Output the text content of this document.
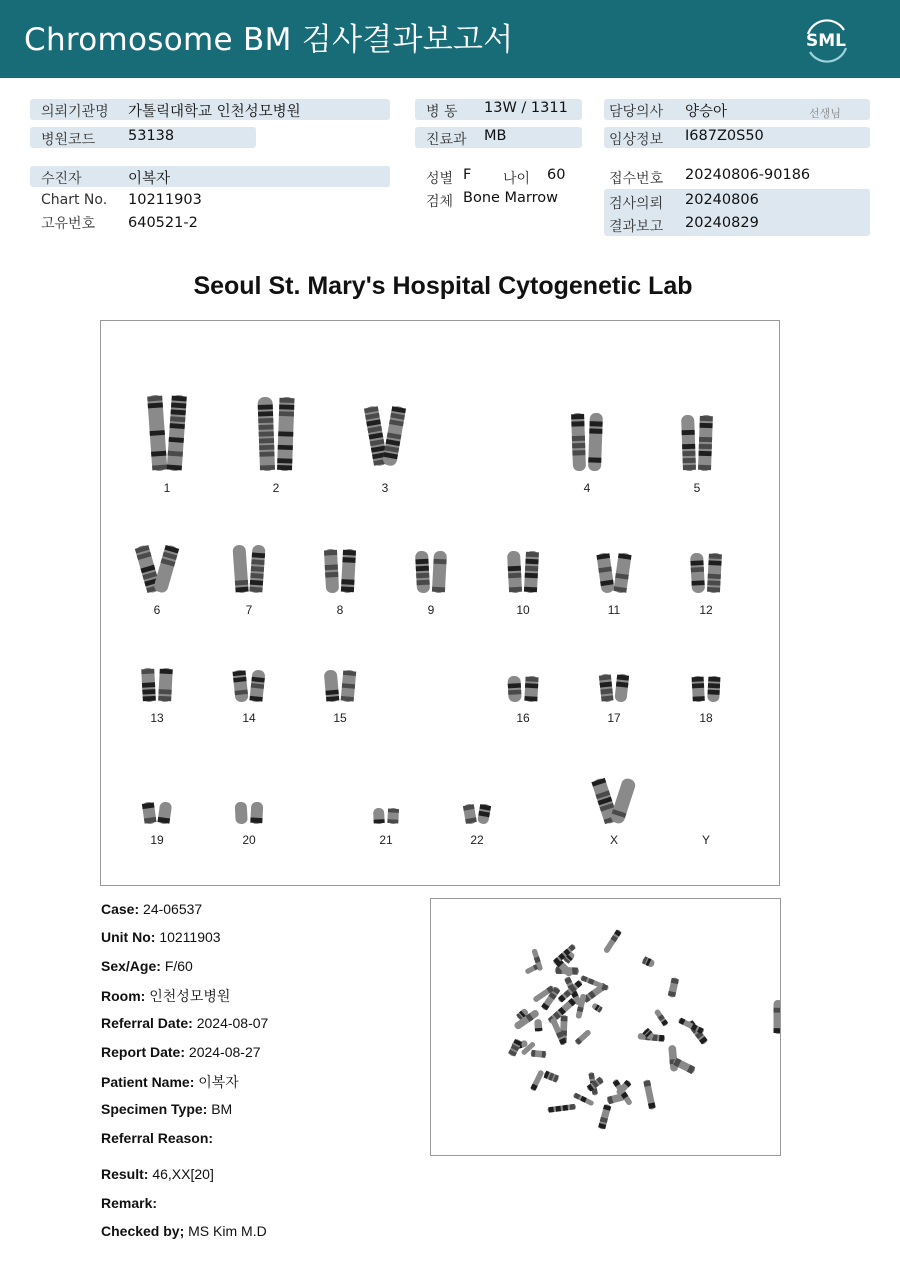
Chromosome BM 검사결과보고서	SML
의뢰기관명 가톨릭대학교 인천성모병원
병원코드 53138
병 동 13W / 1311
진료과 MB
담당의사 양승아	선생님
임상정보 I687Z0S50
수진자	이복자
Chart No. 10211903
고유번호 640521-2
성별 F 나이 60
검체 Bone Marrow
접수번호 20240806-90186
검사의뢰 20240806
결과보고 20240829
Seoul St. Mary's Hospital Cytogenetic Lab
1	2	3	4	5
6	7	8	9	10	11	12
13	14	15	16	17	18
19	20	21	22	X	Y
Case: 24-06537
Unit No: 10211903
Sex/Age: F/60
Room: 인천성모병원
Referral Date: 2024-08-07
Report Date: 2024-08-27
Patient Name: 이복자
Specimen Type: BM
Referral Reason:
Result: 46,XX[20]
Remark:
Checked by; MS Kim M.D
